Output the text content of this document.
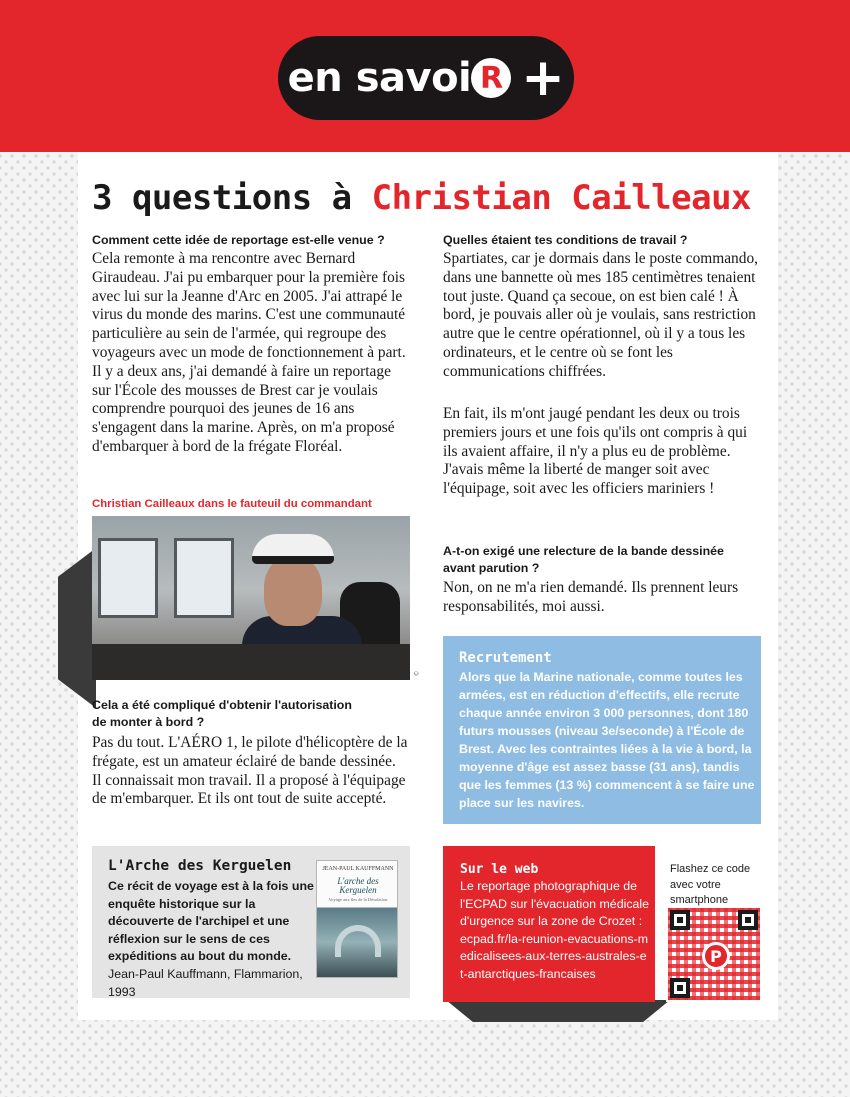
en savoi R +
3 questions à Christian Cailleaux
Comment cette idée de reportage est-elle venue ?
Cela remonte à ma rencontre avec Bernard Giraudeau. J'ai pu embarquer pour la première fois avec lui sur la Jeanne d'Arc en 2005. J'ai attrapé le virus du monde des marins. C'est une communauté particulière au sein de l'armée, qui regroupe des voyageurs avec un mode de fonctionnement à part. Il y a deux ans, j'ai demandé à faire un reportage sur l'École des mousses de Brest car je voulais comprendre pourquoi des jeunes de 16 ans s'engagent dans la marine. Après, on m'a proposé d'embarquer à bord de la frégate Floréal.
Christian Cailleaux dans le fauteuil du commandant
©
Cela a été compliqué d'obtenir l'autorisation
de monter à bord ?
Pas du tout. L'AÉRO 1, le pilote d'hélicoptère de la frégate, est un amateur éclairé de bande dessinée. Il connaissait mon travail. Il a proposé à l'équipage de m'embarquer. Et ils ont tout de suite accepté.
L'Arche des Kerguelen
Ce récit de voyage est à la fois une enquête historique sur la découverte de l'archipel et une réflexion sur le sens de ces expéditions au bout du monde. Jean-Paul Kauffmann, Flammarion, 1993
JEAN-PAUL KAUFFMANN
L'arche des Kerguelen
Voyage aux îles de la Désolation
Quelles étaient tes conditions de travail ?
Spartiates, car je dormais dans le poste commando, dans une bannette où mes 185 centimètres tenaient tout juste. Quand ça secoue, on est bien calé ! À bord, je pouvais aller où je voulais, sans restriction autre que le centre opérationnel, où il y a tous les ordinateurs, et le centre où se font les communications chiffrées.
En fait, ils m'ont jaugé pendant les deux ou trois premiers jours et une fois qu'ils ont compris à qui ils avaient affaire, il n'y a plus eu de problème. J'avais même la liberté de manger soit avec l'équipage, soit avec les officiers mariniers !
A-t-on exigé une relecture de la bande dessinée
avant parution ?
Non, on ne m'a rien demandé. Ils prennent leurs responsabilités, moi aussi.
Recrutement
Alors que la Marine nationale, comme toutes les armées, est en réduction d'effectifs, elle recrute chaque année environ 3 000 personnes, dont 180 futurs mousses (niveau 3e/seconde) à l'École de Brest. Avec les contraintes liées à la vie à bord, la moyenne d'âge est assez basse (31 ans), tandis que les femmes (13 %) commencent à se faire une place sur les navires.
Sur le web
Le reportage photographique de l'ECPAD sur l'évacuation médicale d'urgence sur la zone de Crozet :
ecpad.fr/la-reunion-evacuations-medicalisees-aux-terres-australes-et-antarctiques-francaises
Flashez ce code avec votre smartphone
P
